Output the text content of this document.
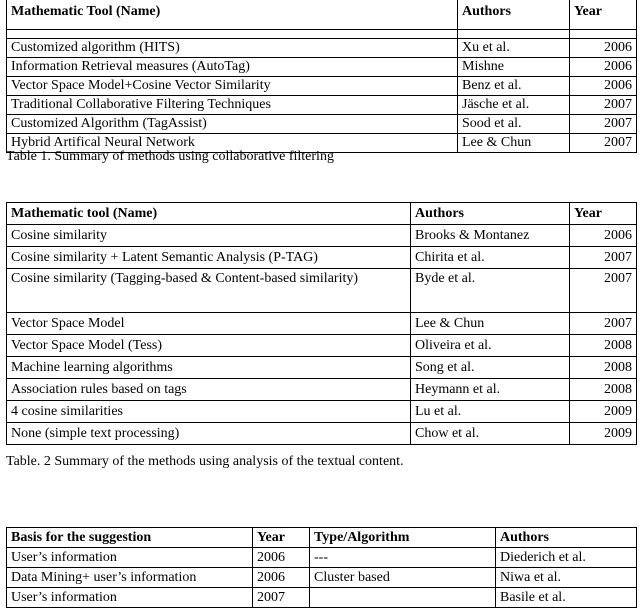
Mathematic Tool (Name)	Authors	Year

Customized algorithm (HITS)	Xu et al.	2006
Information Retrieval measures (AutoTag)	Mishne	2006
Vector Space Model+Cosine Vector Similarity	Benz et al.	2006
Traditional Collaborative Filtering Techniques	Jäsche et al.	2007
Customized Algorithm (TagAssist)	Sood et al.	2007
Hybrid Artifical Neural Network	Lee & Chun	2007
Table 1. Summary of methods using collaborative filtering
Mathematic tool (Name)	Authors	Year
Cosine similarity	Brooks & Montanez	2006
Cosine similarity + Latent Semantic Analysis (P-TAG)	Chirita et al.	2007
Cosine similarity (Tagging-based & Content-based similarity)	Byde et al.	2007
Vector Space Model	Lee & Chun	2007
Vector Space Model (Tess)	Oliveira et al.	2008
Machine learning algorithms	Song et al.	2008
Association rules based on tags	Heymann et al.	2008
4 cosine similarities	Lu et al.	2009
None (simple text processing)	Chow et al.	2009
Table. 2 Summary of the methods using analysis of the textual content.
Basis for the suggestion	Year	Type/Algorithm	Authors
User’s information	2006	---	Diederich et al.
Data Mining+ user’s information	2006	Cluster based	Niwa et al.
User’s information	2007		Basile et al.
